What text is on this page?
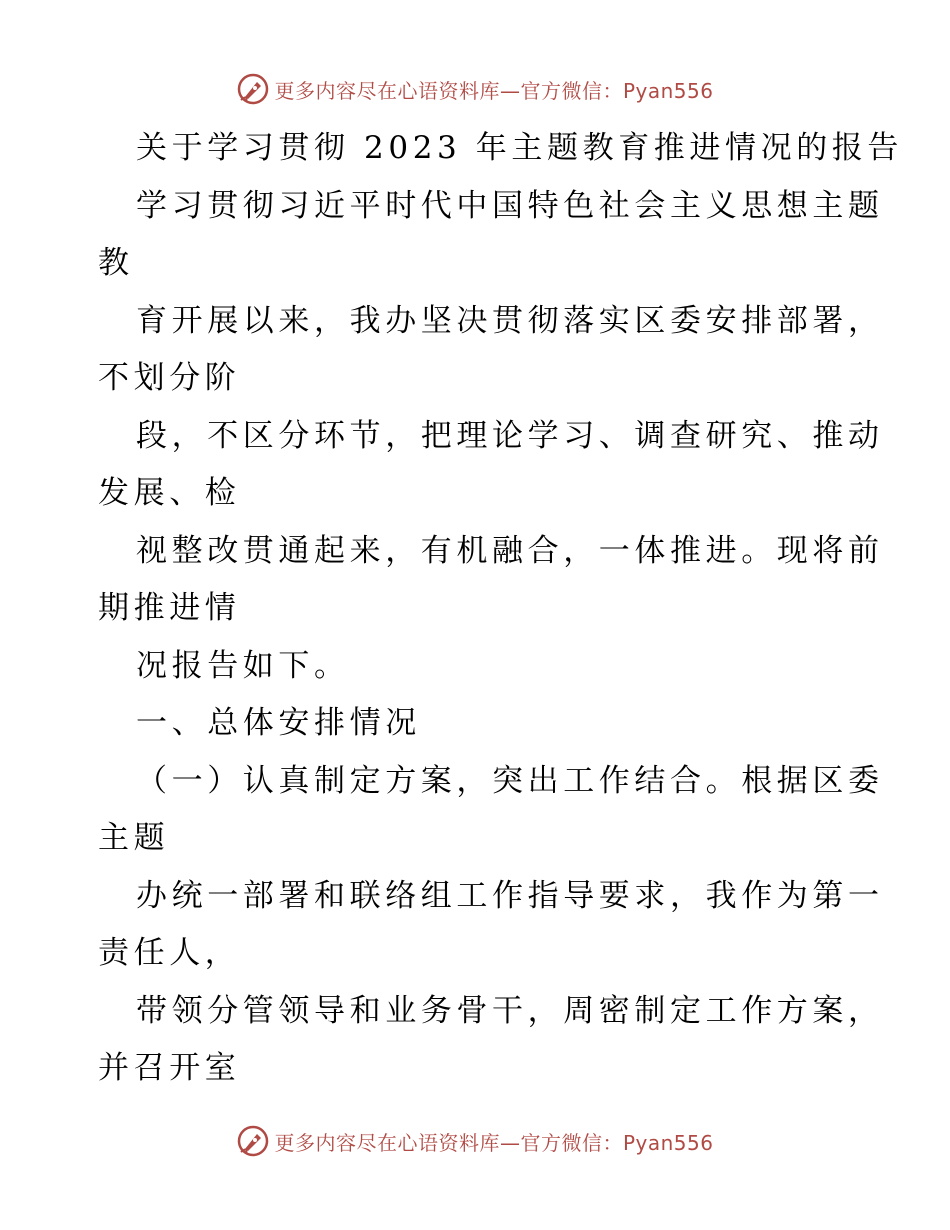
更多内容尽在心语资料库—官方微信：Pyan556
关于学习贯彻 2023 年主题教育推进情况的报告
学习贯彻习近平时代中国特色社会主义思想主题
教
育开展以来，我办坚决贯彻落实区委安排部署，
不划分阶
段，不区分环节，把理论学习、调查研究、推动
发展、检
视整改贯通起来，有机融合，一体推进。现将前
期推进情
况报告如下。
一、总体安排情况
（一）认真制定方案，突出工作结合。根据区委
主题
办统一部署和联络组工作指导要求，我作为第一
责任人，
带领分管领导和业务骨干，周密制定工作方案，
并召开室
更多内容尽在心语资料库—官方微信：Pyan556
